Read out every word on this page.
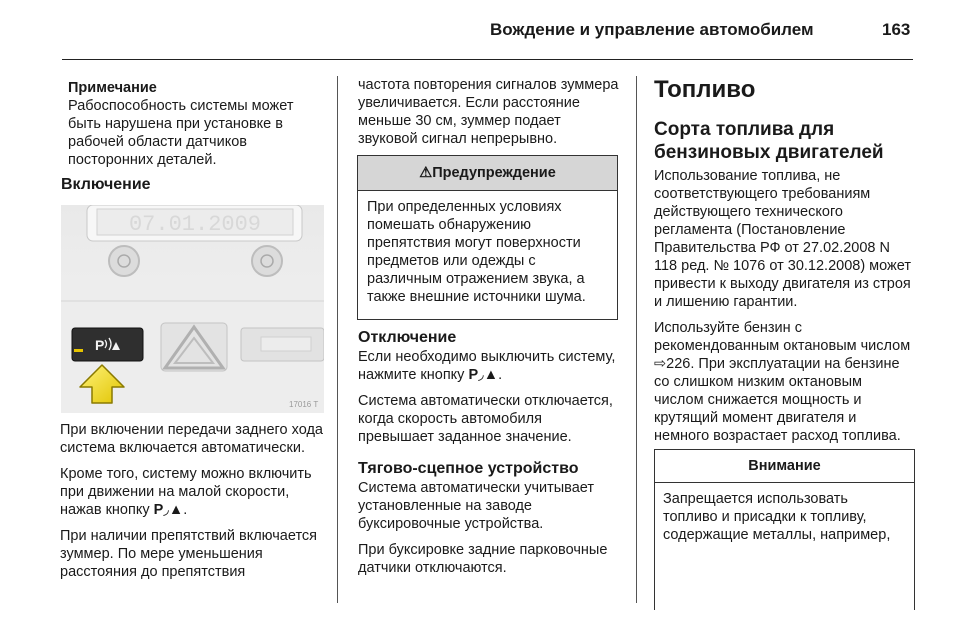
Вождение и управление автомобилем	163
Примечание

Рабоспособность системы может быть нарушена при установке в рабочей области датчиков посторонних деталей.

Включение
07.01.2009
P
17016 T

При включении передачи заднего хода система включается автоматически.

Кроме того, систему можно включить при движении на малой скорости, нажав кнопку P◞▲.

При наличии препятствий включается зуммер. По мере уменьшения расстояния до препятствия

частота повторения сигналов зуммера увеличивается. Если расстояние меньше 30 см, зуммер подает звуковой сигнал непрерывно.

⚠Предупреждение
При определенных условиях помешать обнаружению препятствия могут поверхности предметов или одежды с различным отражением звука, а также внешние источники шума.
Отключение

Если необходимо выключить систему, нажмите кнопку P◞▲.

Система автоматически отключается, когда скорость автомобиля превышает заданное значение.

Тягово-сцепное устройство

Система автоматически учитывает установленные на заводе буксировочные устройства.

При буксировке задние парковочные датчики отключаются.

Топливо
Сорта топлива для бензиновых двигателей

Использование топлива, не соответствующего требованиям действующего технического регламента (Постановление Правительства РФ от 27.02.2008 N 118 ред. № 1076 от 30.12.2008) может привести к выходу двигателя из строя и лишению гарантии.

Используйте бензин с рекомендованным октановым числом ⇨226. При эксплуатации на бензине со слишком низким октановым числом снижается мощность и крутящий момент двигателя и немного возрастает расход топлива.

Внимание
Запрещается использовать топливо и присадки к топливу, содержащие металлы, например,
